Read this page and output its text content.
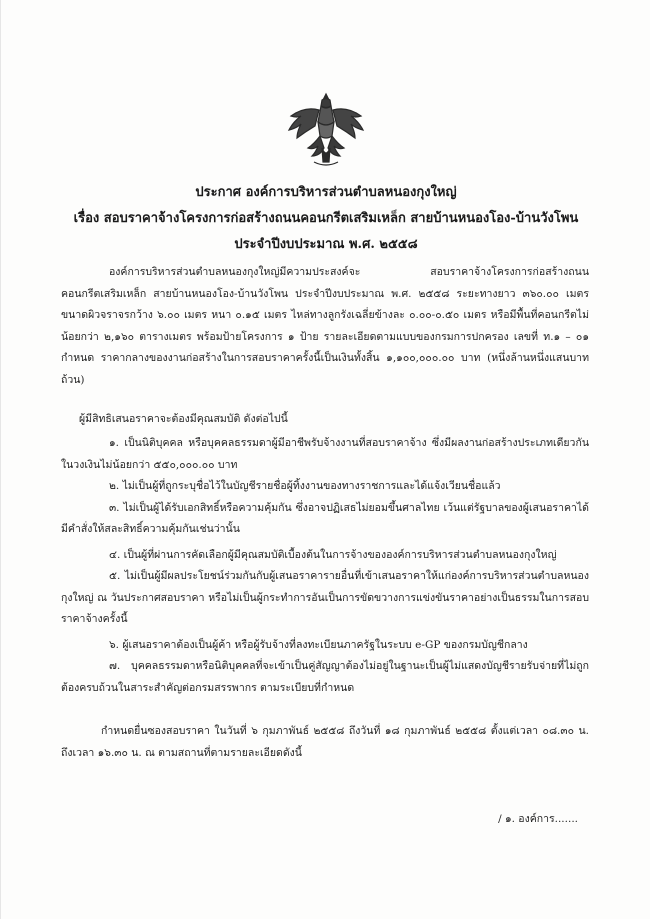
ประกาศ องค์การบริหารส่วนตำบลหนองกุงใหญ่
เรื่อง สอบราคาจ้างโครงการก่อสร้างถนนคอนกรีตเสริมเหล็ก สายบ้านหนองโอง-บ้านวังโพน
ประจำปีงบประมาณ พ.ศ. ๒๕๕๘

องค์การบริหารส่วนตำบลหนองกุงใหญ่มีความประสงค์จะ สอบราคาจ้างโครงการก่อสร้างถนนคอนกรีตเสริมเหล็ก สายบ้านหนองโอง-บ้านวังโพน ประจำปีงบประมาณ พ.ศ. ๒๕๕๘ ระยะทางยาว ๓๖๐.๐๐ เมตร ขนาดผิวจราจรกว้าง ๖.๐๐ เมตร หนา ๐.๑๕ เมตร ไหล่ทางลูกรังเฉลี่ยข้างละ ๐.๐๐-๐.๕๐ เมตร หรือมีพื้นที่คอนกรีตไม่น้อยกว่า ๒,๑๖๐ ตารางเมตร พร้อมป้ายโครงการ ๑ ป้าย รายละเอียดตามแบบของกรมการปกครอง เลขที่ ท.๑ – ๐๑ กำหนด ราคากลางของงานก่อสร้างในการสอบราคาครั้งนี้เป็นเงินทั้งสิ้น ๑,๑๐๐,๐๐๐.๐๐ บาท (หนึ่งล้านหนึ่งแสนบาทถ้วน)

ผู้มีสิทธิเสนอราคาจะต้องมีคุณสมบัติ ดังต่อไปนี้

๑. เป็นนิติบุคคล หรือบุคคลธรรมดาผู้มีอาชีพรับจ้างงานที่สอบราคาจ้าง ซึ่งมีผลงานก่อสร้างประเภทเดียวกัน ในวงเงินไม่น้อยกว่า ๕๕๐,๐๐๐.๐๐ บาท

๒. ไม่เป็นผู้ที่ถูกระบุชื่อไว้ในบัญชีรายชื่อผู้ทิ้งงานของทางราชการและได้แจ้งเวียนชื่อแล้ว

๓. ไม่เป็นผู้ได้รับเอกสิทธิ์หรือความคุ้มกัน ซึ่งอาจปฏิเสธไม่ยอมขึ้นศาลไทย เว้นแต่รัฐบาลของผู้เสนอราคาได้มีคำสั่งให้สละสิทธิ์ความคุ้มกันเช่นว่านั้น

๔. เป็นผู้ที่ผ่านการคัดเลือกผู้มีคุณสมบัติเบื้องต้นในการจ้างขององค์การบริหารส่วนตำบลหนองกุงใหญ่

๕. ไม่เป็นผู้มีผลประโยชน์ร่วมกันกับผู้เสนอราคารายอื่นที่เข้าเสนอราคาให้แก่องค์การบริหารส่วนตำบลหนองกุงใหญ่ ณ วันประกาศสอบราคา หรือไม่เป็นผู้กระทำการอันเป็นการขัดขวางการแข่งขันราคาอย่างเป็นธรรมในการสอบราคาจ้างครั้งนี้

๖. ผู้เสนอราคาต้องเป็นผู้ค้า หรือผู้รับจ้างที่ลงทะเบียนภาครัฐในระบบ e-GP ของกรมบัญชีกลาง

๗. บุคคลธรรมดาหรือนิติบุคคลที่จะเข้าเป็นคู่สัญญาต้องไม่อยู่ในฐานะเป็นผู้ไม่แสดงบัญชีรายรับจ่ายที่ไม่ถูกต้องครบถ้วนในสาระสำคัญต่อกรมสรรพากร ตามระเบียบที่กำหนด

กำหนดยื่นซองสอบราคา ในวันที่ ๖ กุมภาพันธ์ ๒๕๕๘ ถึงวันที่ ๑๘ กุมภาพันธ์ ๒๕๕๘ ตั้งแต่เวลา ๐๘.๓๐ น. ถึงเวลา ๑๖.๓๐ น. ณ ตามสถานที่ตามรายละเอียดดังนี้

/ ๑. องค์การ.......
